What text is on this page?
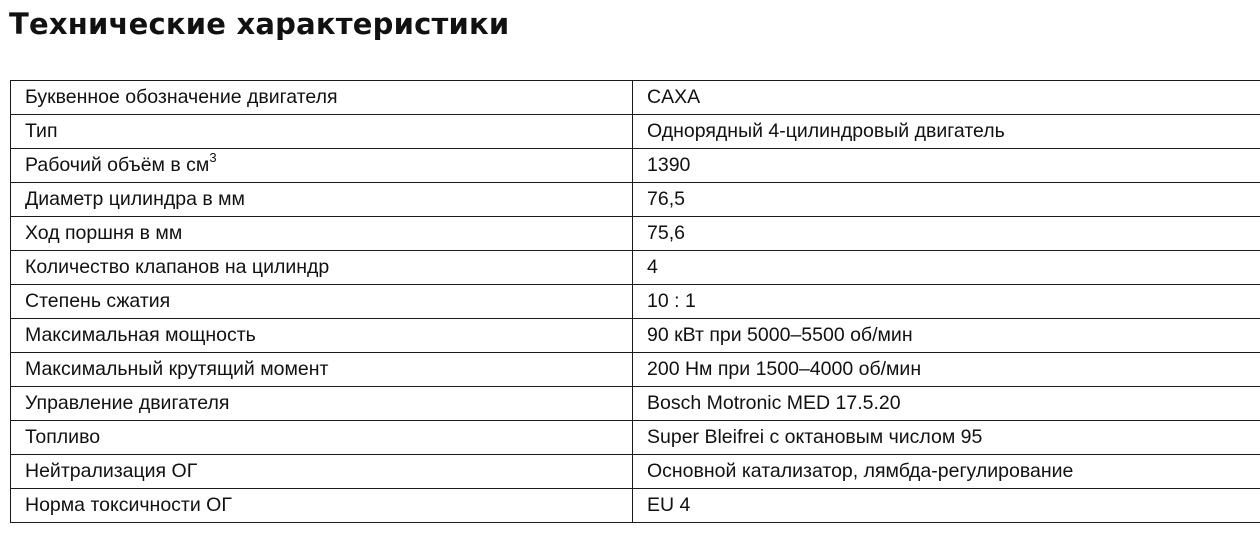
Технические характеристики
Буквенное обозначение двигателя	CAXA
Тип	Однорядный 4-цилиндровый двигатель
Рабочий объём в $см^3$	1390
Диаметр цилиндра в мм	76,5
Ход поршня в мм	75,6
Количество клапанов на цилиндр	4
Степень сжатия	10 : 1
Максимальная мощность	90 кВт при 5000–5500 об/мин
Максимальный крутящий момент	200 Нм при 1500–4000 об/мин
Управление двигателя	Bosch Motronic MED 17.5.20
Топливо	Super Bleifrei с октановым числом 95
Нейтрализация ОГ	Основной катализатор, лямбда-регулирование
Норма токсичности ОГ	EU 4
